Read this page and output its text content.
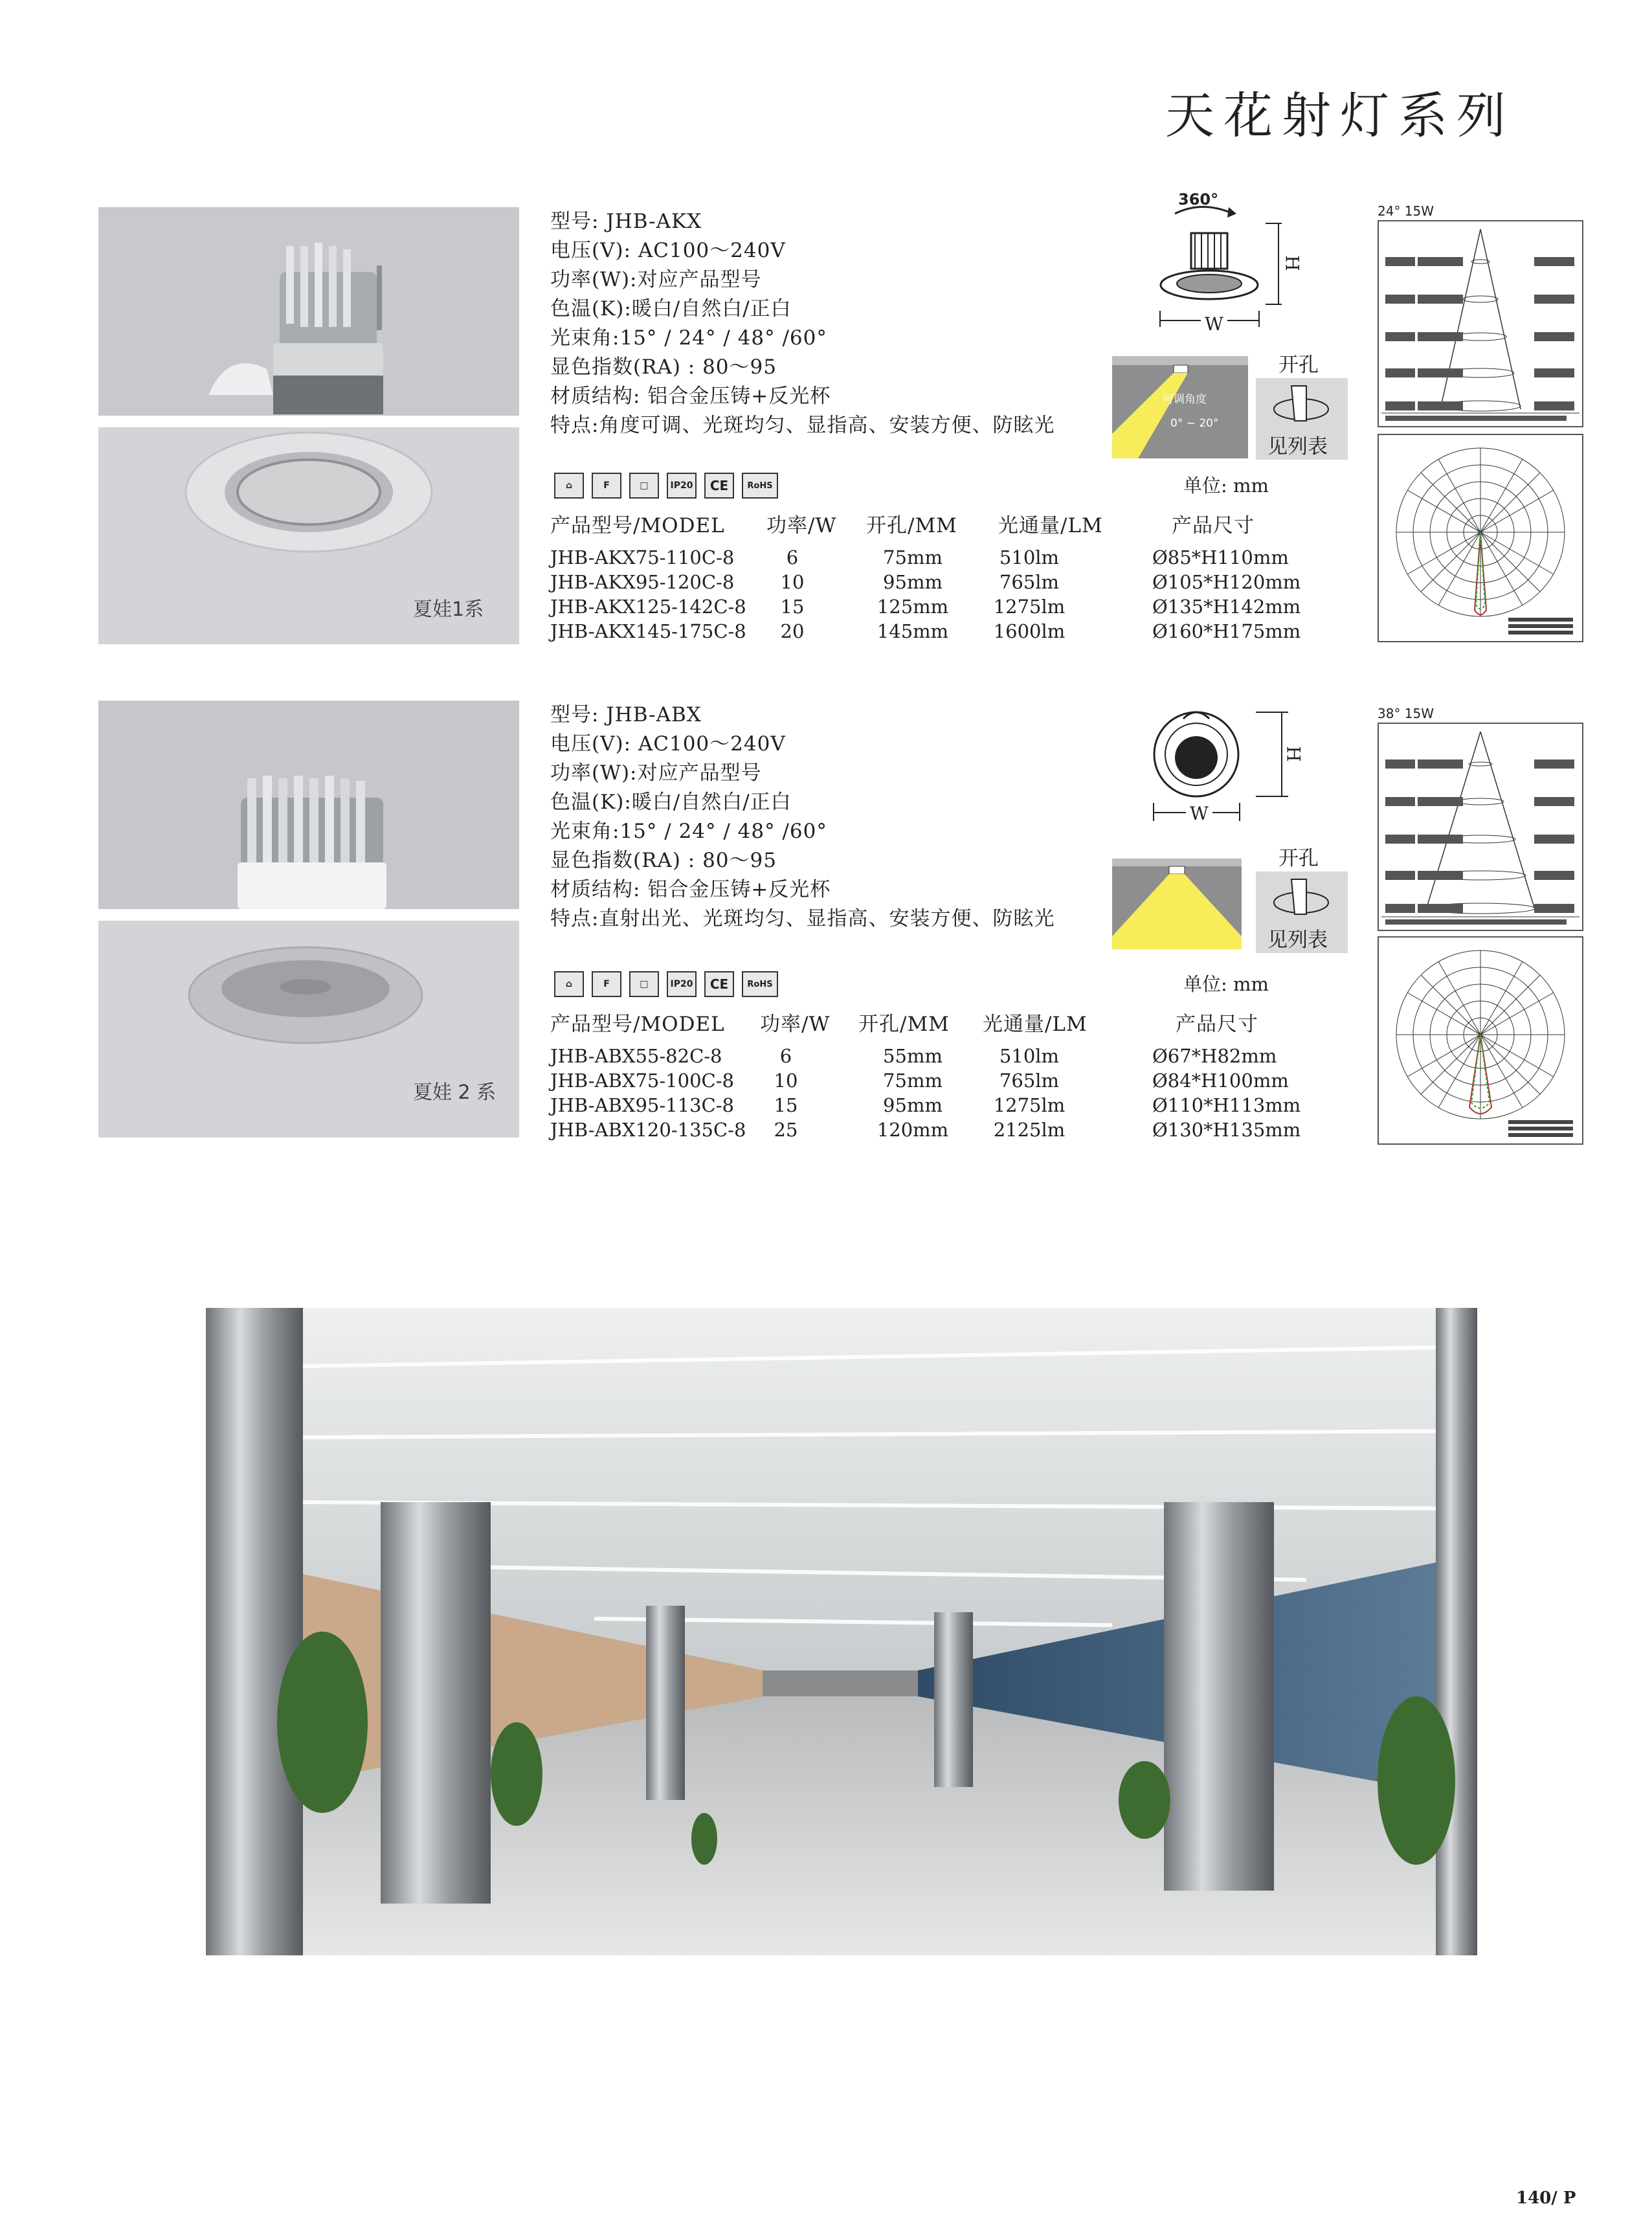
天花射灯系列
夏娃1系
型号: JHB-AKX
电压(V): AC100～240V
功率(W):对应产品型号
色温(K):暖白/自然白/正白
光束角:15° / 24° / 48° /60°
显色指数(RA) : 80～95
材质结构: 铝合金压铸+反光杯
特点:角度可调、光斑均匀、显指高、安装方便、防眩光
360°
H
W
可调角度
0° ~ 20°
开孔
见列表
⌂	F	□	IP20	CE	RoHS	单位: mm
产品型号/MODEL 功率/W 开孔/MM 光通量/LM	产品尺寸
JHB-AKX75-110C-8	6	75mm	510lm	Ø85*H110mm
JHB-AKX95-120C-8	10	95mm	765lm	Ø105*H120mm
JHB-AKX125-142C-8	15	125mm	1275lm	Ø135*H142mm
JHB-AKX145-175C-8	20	145mm	1600lm	Ø160*H175mm
24° 15W
夏娃 2 系
型号: JHB-ABX
电压(V): AC100～240V
功率(W):对应产品型号
色温(K):暖白/自然白/正白
光束角:15° / 24° / 48° /60°
显色指数(RA) : 80～95
材质结构: 铝合金压铸+反光杯
特点:直射出光、光斑均匀、显指高、安装方便、防眩光
H
W
开孔
见列表
⌂	F	□	IP20	CE	RoHS	单位: mm
产品型号/MODEL 功率/W 开孔/MM 光通量/LM	产品尺寸
JHB-ABX55-82C-8	6	55mm	510lm	Ø67*H82mm
JHB-ABX75-100C-8	10	75mm	765lm	Ø84*H100mm
JHB-ABX95-113C-8	15	95mm	1275lm	Ø110*H113mm
JHB-ABX120-135C-8	25	120mm	2125lm	Ø130*H135mm
38° 15W
140/ P
